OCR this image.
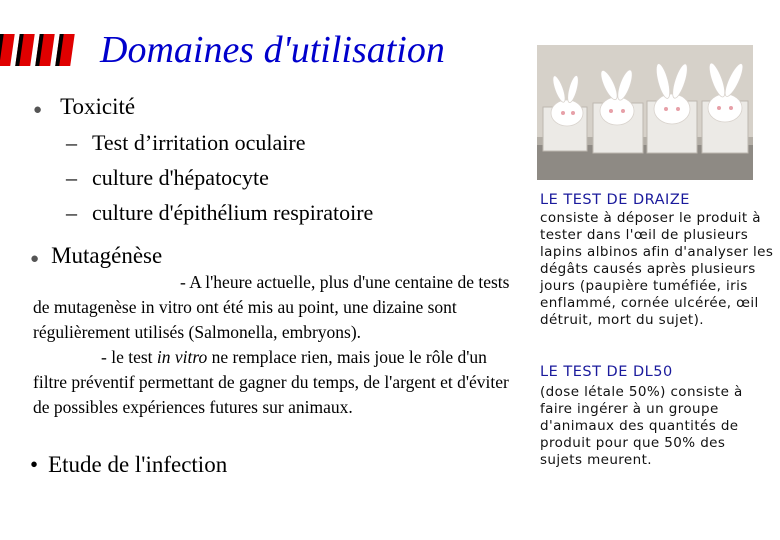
Domaines d'utilisation
● Toxicité
– Test d’irritation oculaire
– culture d'hépatocyte
– culture d'épithélium respiratoire
● Mutagénèse
- A l'heure actuelle, plus d'une centaine de tests de mutagenèse in vitro ont été mis au point, une dizaine sont régulièrement utilisés (Salmonella, embryons).
- le test in vitro ne remplace rien, mais joue le rôle d'un filtre préventif permettant de gagner du temps, de l'argent et d'éviter de possibles expériences futures sur animaux.
• Etude de l'infection
LE TEST DE DRAIZE
consiste à déposer le produit à tester dans l'œil de plusieurs lapins albinos afin d'analyser les dégâts causés après plusieurs jours (paupière tuméfiée, iris enflammé, cornée ulcérée, œil détruit, mort du sujet).
LE TEST DE DL50
(dose létale 50%) consiste à faire ingérer à un groupe d'animaux des quantités de produit pour que 50% des sujets meurent.
